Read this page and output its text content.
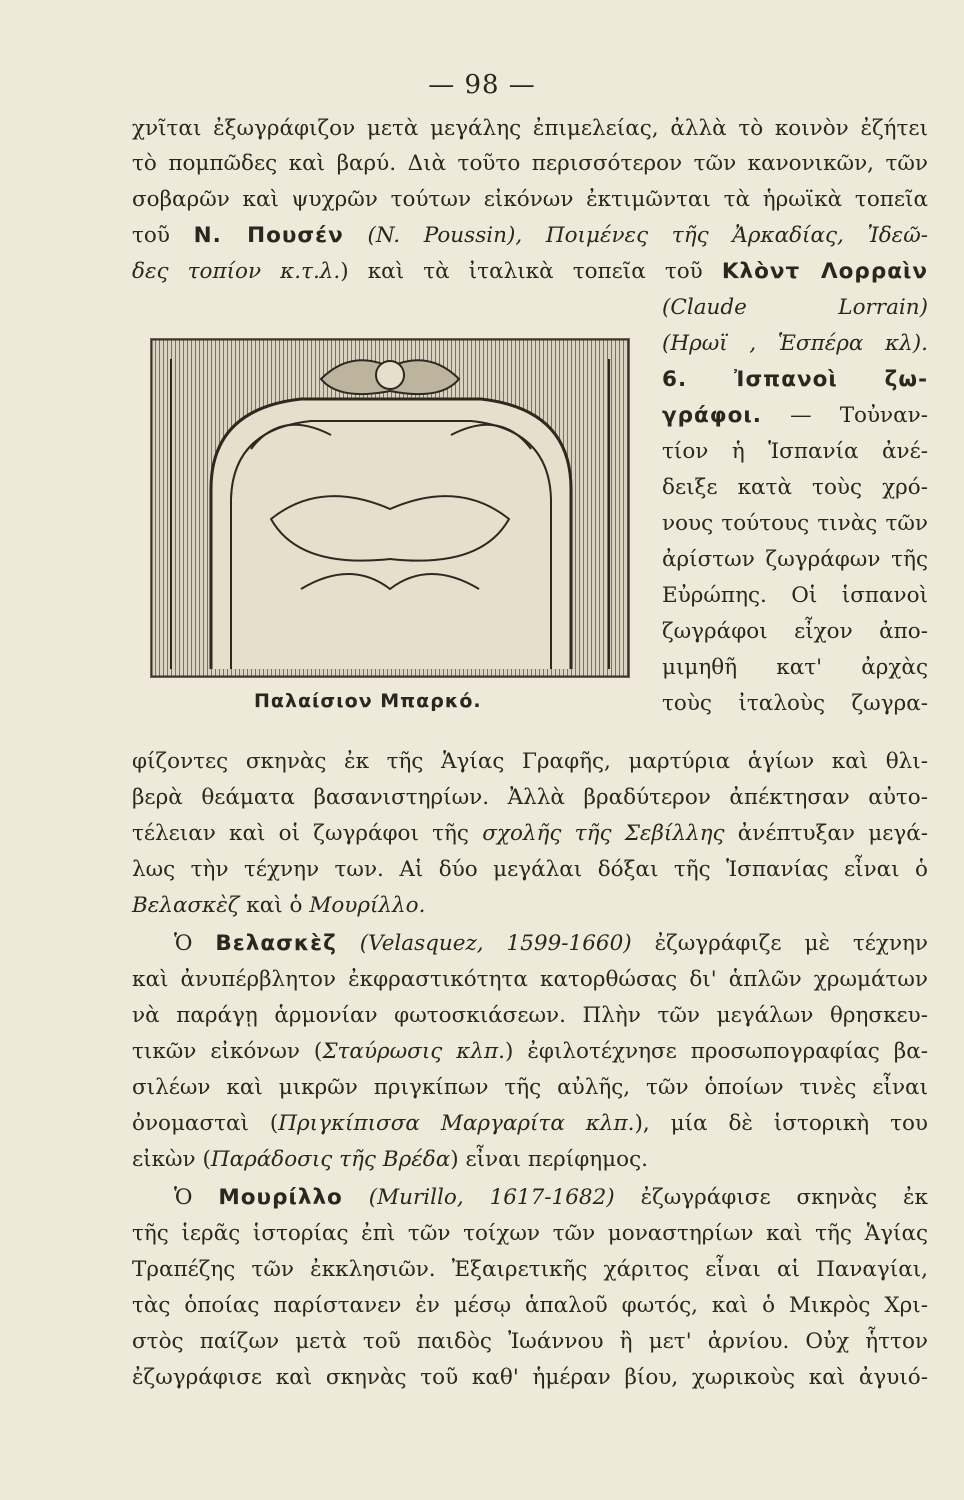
— 98 —
χνῖται ἐξωγράφιζον μετὰ μεγάλης ἐπιμελείας, ἀλλὰ τὸ κοινὸν ἐζήτει
τὸ πομπῶδες καὶ βαρύ. Διὰ τοῦτο περισσότερον τῶν κανονικῶν, τῶν
σοβαρῶν καὶ ψυχρῶν τούτων εἰκόνων ἐκτιμῶνται τὰ ἡρωϊκὰ τοπεῖα
τοῦ Ν. Πουσέν (N. Poussin), Ποιμένες τῆς Ἀρκαδίας, Ἰδεῶ-
δες τοπίον κ.τ.λ.) καὶ τὰ ἰταλικὰ τοπεῖα τοῦ Κλὸντ Λορραὶν
(Claude Lorrain)
(Ηρωϊ , Ἑσπέρα κλ).
6. Ἰσπανοὶ ζω-
γράφοι. — Τοὐναν-
τίον ἡ Ἱσπανία ἀνέ-
δειξε κατὰ τοὺς χρό-
νους τούτους τινὰς τῶν
ἀρίστων ζωγράφων τῆς
Εὐρώπης. Οἱ ἱσπανοὶ
ζωγράφοι εἶχον ἀπο-
μιμηθῆ κατ' ἀρχὰς
τοὺς ἰταλοὺς ζωγρα-
Παλαίσιον Μπαρκό.
φίζοντες σκηνὰς ἐκ τῆς Ἁγίας Γραφῆς, μαρτύρια ἁγίων καὶ θλι-
βερὰ θεάματα βασανιστηρίων. Ἀλλὰ βραδύτερον ἀπέκτησαν αὐτο-
τέλειαν καὶ οἱ ζωγράφοι τῆς σχολῆς τῆς Σεβίλλης ἀνέπτυξαν μεγά-
λως τὴν τέχνην των. Αἱ δύο μεγάλαι δόξαι τῆς Ἱσπανίας εἶναι ὁ
Βελασκὲζ καὶ ὁ Μουρίλλο.
Ὁ Βελασκὲζ (Velasquez, 1599-1660) ἐζωγράφιζε μὲ τέχνην
καὶ ἀνυπέρβλητον ἐκφραστικότητα κατορθώσας δι' ἁπλῶν χρωμάτων
νὰ παράγῃ ἁρμονίαν φωτοσκιάσεων. Πλὴν τῶν μεγάλων θρησκευ-
τικῶν εἰκόνων (Σταύρωσις κλπ.) ἐφιλοτέχνησε προσωπογραφίας βα-
σιλέων καὶ μικρῶν πριγκίπων τῆς αὐλῆς, τῶν ὁποίων τινὲς εἶναι
ὀνομασταὶ (Πριγκίπισσα Μαργαρίτα κλπ.), μία δὲ ἱστορικὴ του
εἰκὼν (Παράδοσις τῆς Βρέδα) εἶναι περίφημος.
Ὁ Μουρίλλο (Murillo, 1617-1682) ἐζωγράφισε σκηνὰς ἐκ
τῆς ἱερᾶς ἱστορίας ἐπὶ τῶν τοίχων τῶν μοναστηρίων καὶ τῆς Ἁγίας
Τραπέζης τῶν ἐκκλησιῶν. Ἐξαιρετικῆς χάριτος εἶναι αἱ Παναγίαι,
τὰς ὁποίας παρίστανεν ἐν μέσῳ ἁπαλοῦ φωτός, καὶ ὁ Μικρὸς Χρι-
στὸς παίζων μετὰ τοῦ παιδὸς Ἰωάννου ἢ μετ' ἀρνίου. Οὐχ ἧττον
ἐζωγράφισε καὶ σκηνὰς τοῦ καθ' ἡμέραν βίου, χωρικοὺς καὶ ἀγυιό-
